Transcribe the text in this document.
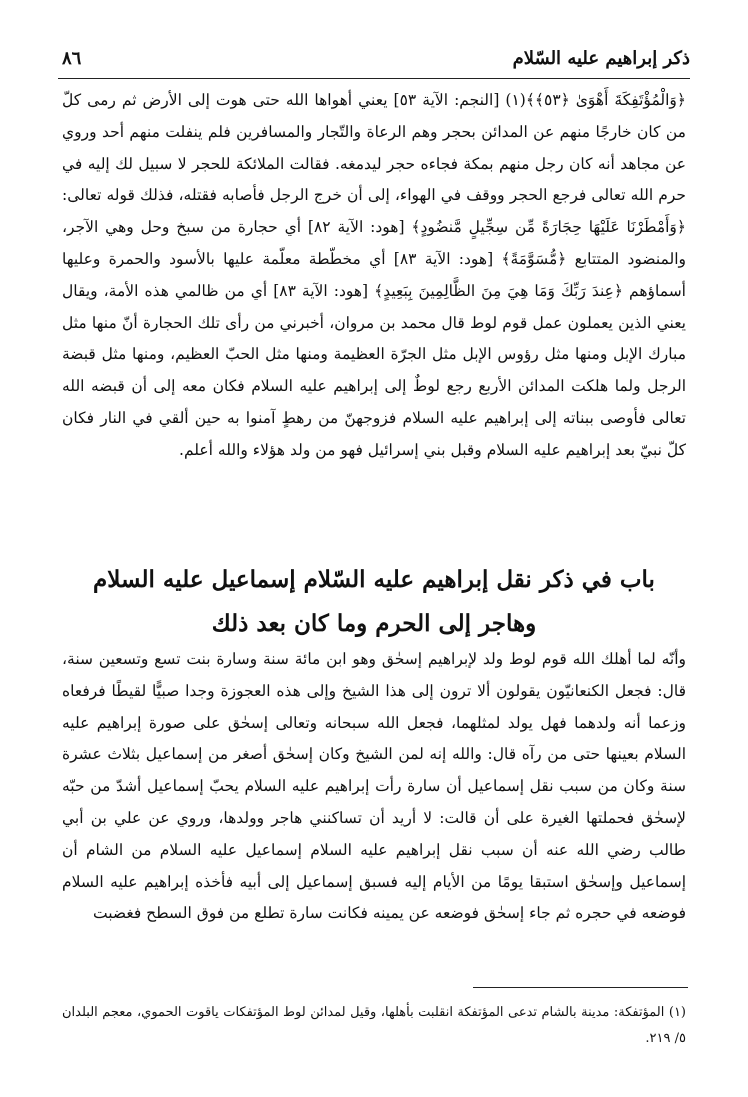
ذكر إبراهيم عليه السّلام
٨٦
﴿وَالْمُؤْتَفِكَةَ أَهْوَىٰ ﴿٥٣﴾﴾(١) [النجم: الآية ٥٣] يعني أهواها الله حتى هوت إلى الأرض ثم رمى كلّ من كان خارجًا منهم عن المدائن بحجر وهم الرعاة والتّجار والمسافرين فلم ينفلت منهم أحد وروي عن مجاهد أنه كان رجل منهم بمكة فجاءه حجر ليدمغه. فقالت الملائكة للحجر لا سبيل لك إليه في حرم الله تعالى فرجع الحجر ووقف في الهواء، إلى أن خرج الرجل فأصابه فقتله، فذلك قوله تعالى: ﴿وَأَمْطَرْنَا عَلَيْهَا حِجَارَةً مِّن سِجِّيلٍ مَّنضُودٍ﴾ [هود: الآية ٨٢] أي حجارة من سبخ وحل وهي الآجر، والمنضود المتتابع ﴿مُّسَوَّمَةً﴾ [هود: الآية ٨٣] أي مخطّطة معلّمة عليها بالأسود والحمرة وعليها أسماؤهم ﴿عِندَ رَبِّكَ وَمَا هِيَ مِنَ الظَّالِمِينَ بِبَعِيدٍ﴾ [هود: الآية ٨٣] أي من ظالمي هذه الأمة، ويقال يعني الذين يعملون عمل قوم لوط قال محمد بن مروان، أخبرني من رأى تلك الحجارة أنّ منها مثل مبارك الإبل ومنها مثل رؤوس الإبل مثل الجرّة العظيمة ومنها مثل الحبّ العظيم، ومنها مثل قبضة الرجل ولما هلكت المدائن الأربع رجع لوطٌ إلى إبراهيم عليه السلام فكان معه إلى أن قبضه الله تعالى فأوصى ببناته إلى إبراهيم عليه السلام فزوجهنّ من رهطٍ آمنوا به حين ألقي في النار فكان كلّ نبيّ بعد إبراهيم عليه السلام وقبل بني إسرائيل فهو من ولد هؤلاء والله أعلم.
باب في ذكر نقل إبراهيم عليه السّلام إسماعيل عليه السلام
وهاجر إلى الحرم وما كان بعد ذلك
وأنّه لما أهلك الله قوم لوط ولد لإبراهيم إسحٰق وهو ابن مائة سنة وسارة بنت تسع وتسعين سنة، قال: فجعل الكنعانيّون يقولون ألا ترون إلى هذا الشيخ وإلى هذه العجوزة وجدا صبيًّا لقيطًا فرفعاه وزعما أنه ولدهما فهل يولد لمثلهما، فجعل الله سبحانه وتعالى إسحٰق على صورة إبراهيم عليه السلام بعينها حتى من رآه قال: والله إنه لمن الشيخ وكان إسحٰق أصغر من إسماعيل بثلاث عشرة سنة وكان من سبب نقل إسماعيل أن سارة رأت إبراهيم عليه السلام يحبّ إسماعيل أشدّ من حبّه لإسحٰق فحملتها الغيرة على أن قالت: لا أريد أن تساكنني هاجر وولدها، وروي عن علي بن أبي طالب رضي الله عنه أن سبب نقل إبراهيم عليه السلام إسماعيل عليه السلام من الشام أن إسماعيل وإسحٰق استبقا يومًا من الأيام إليه فسبق إسماعيل إلى أبيه فأخذه إبراهيم عليه السلام فوضعه في حجره ثم جاء إسحٰق فوضعه عن يمينه فكانت سارة تطلع من فوق السطح فغضبت
(١) المؤتفكة: مدينة بالشام تدعى المؤتفكة انقلبت بأهلها، وقيل لمدائن لوط المؤتفكات ياقوت الحموي، معجم البلدان ٥/ ٢١٩.
